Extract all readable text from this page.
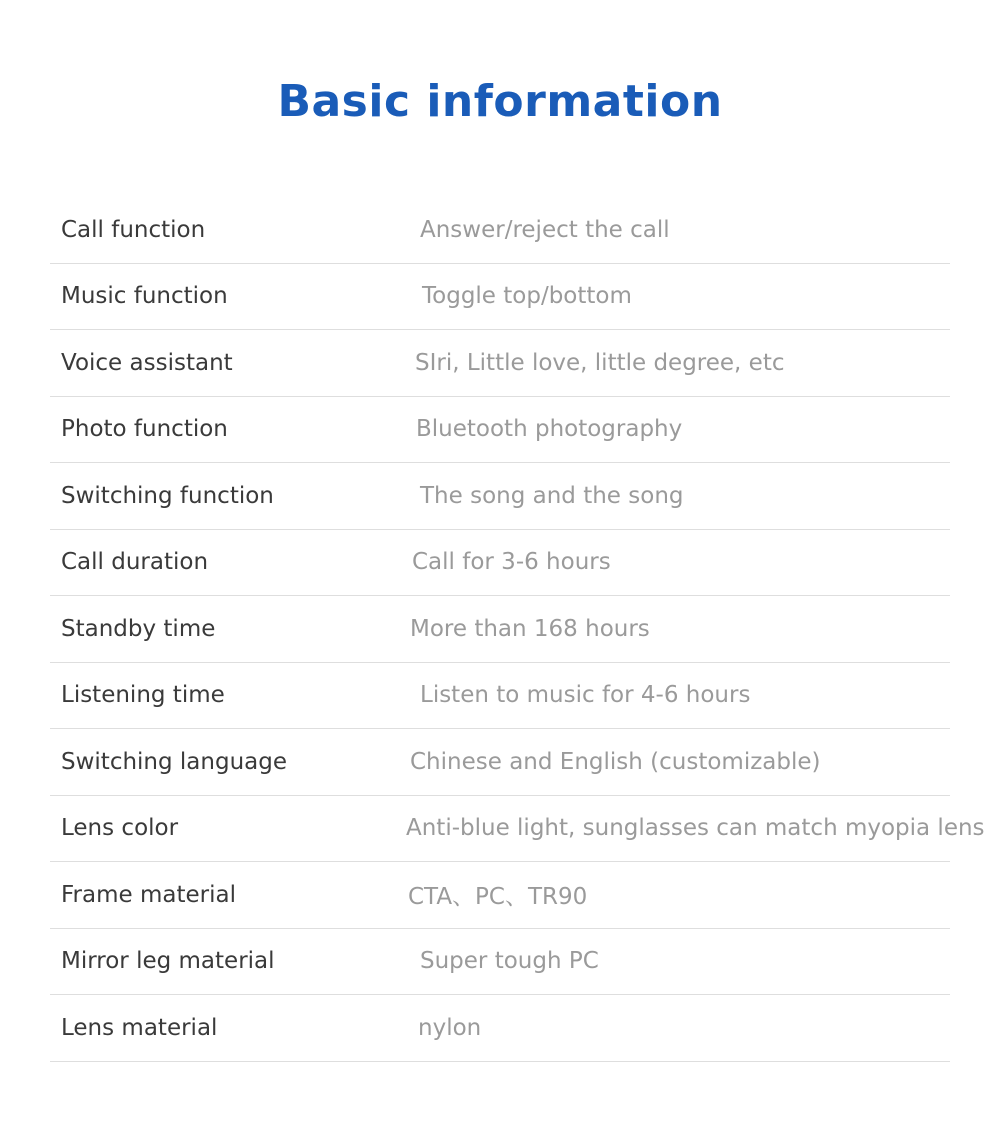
Basic information
Call function	Answer/reject the call
Music function	Toggle top/bottom
Voice assistant	SIri, Little love, little degree, etc
Photo function	Bluetooth photography
Switching function	The song and the song
Call duration	Call for 3-6 hours
Standby time	More than 168 hours
Listening time	Listen to music for 4-6 hours
Switching language	Chinese and English (customizable)
Lens color	Anti-blue light, sunglasses can match myopia lens
Frame material	CTA、PC、TR90
Mirror leg material	Super tough PC
Lens material	nylon
